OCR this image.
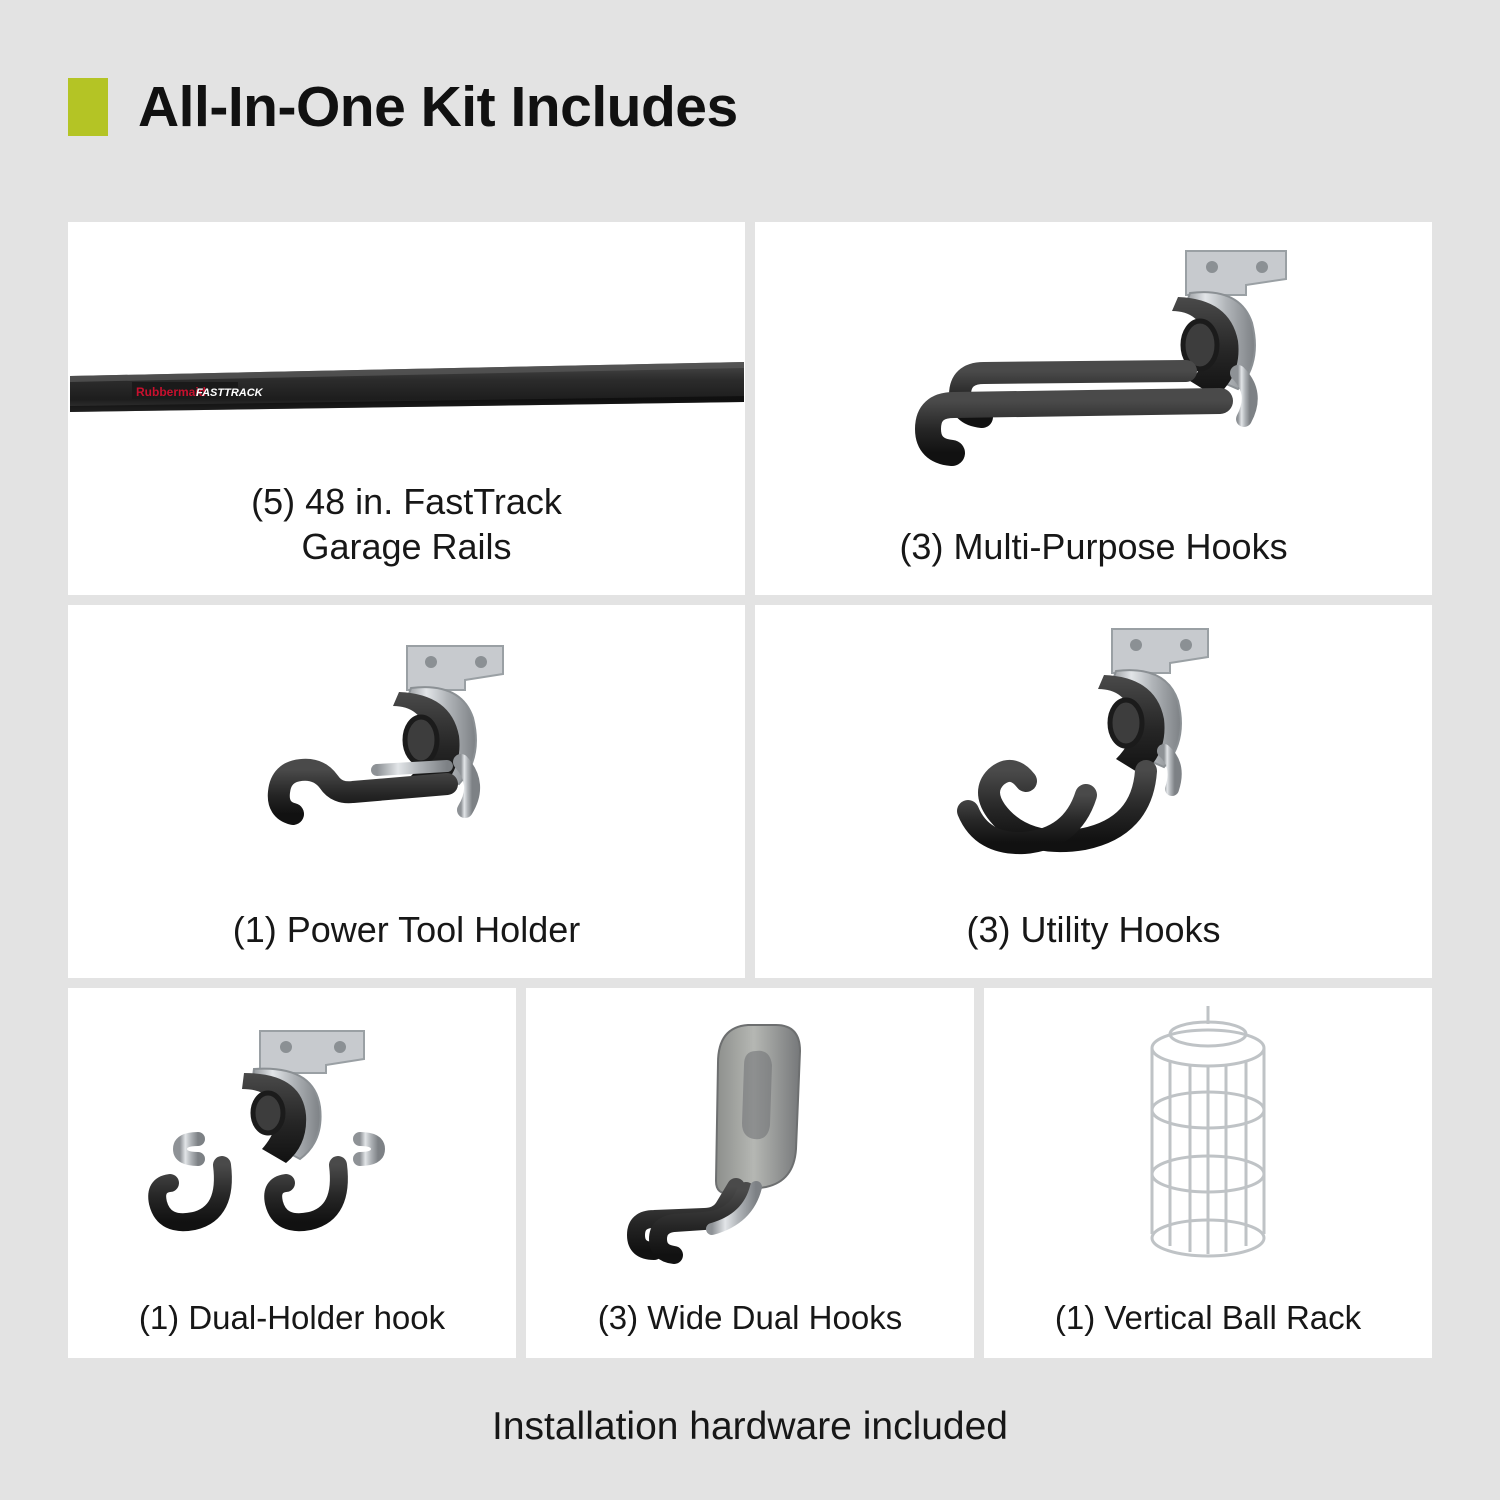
All-In-One Kit Includes
Rubbermaid
FASTTRACK
(5) 48 in. FastTrack
Garage Rails	(3) Multi-Purpose Hooks
(1) Power Tool Holder	(3) Utility Hooks
(1) Dual-Holder hook	(3) Wide Dual Hooks	(1) Vertical Ball Rack
Installation hardware included
